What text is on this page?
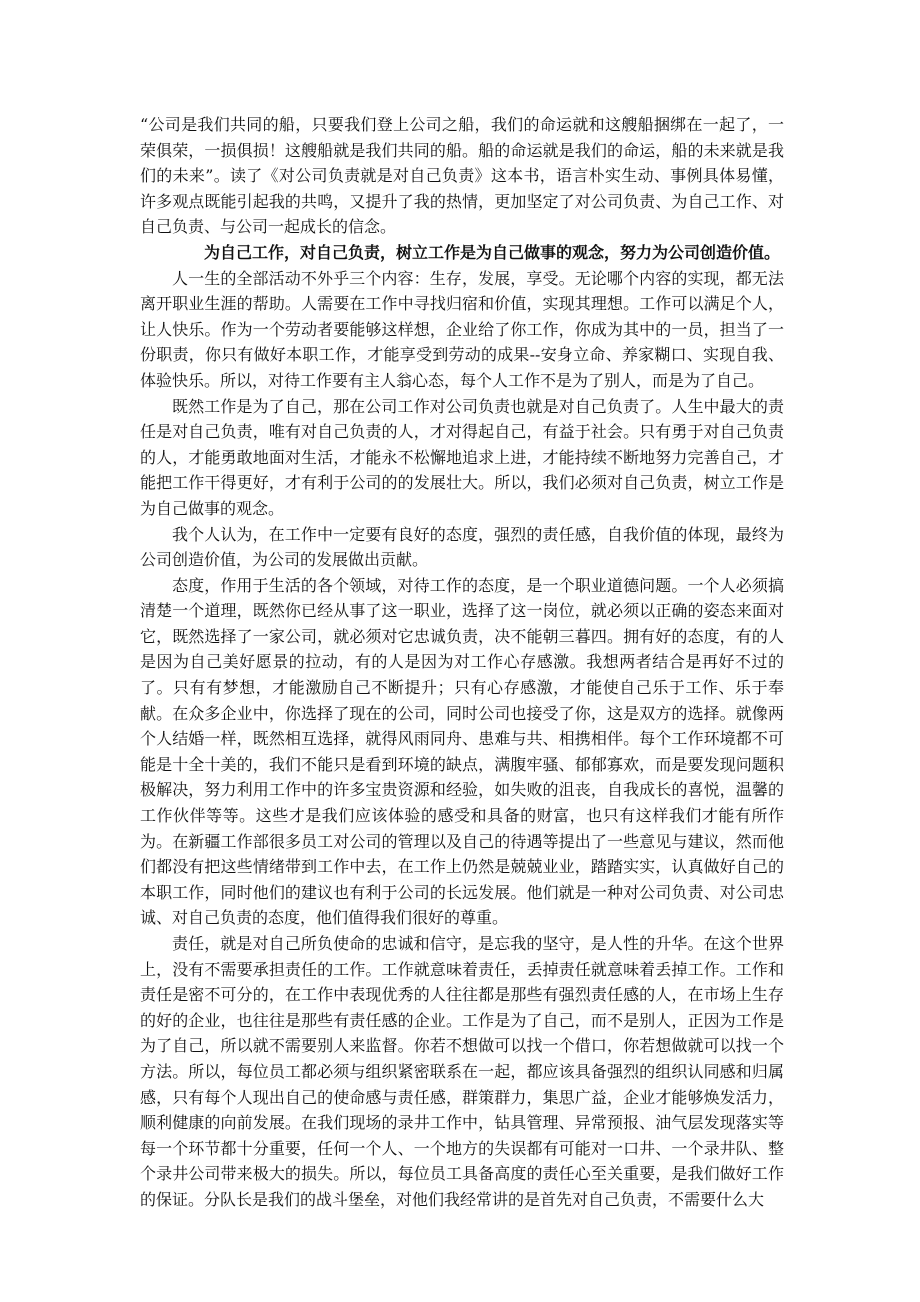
“公司是我们共同的船，只要我们登上公司之船，我们的命运就和这艘船捆绑在一起了，一荣俱荣，一损俱损！这艘船就是我们共同的船。船的命运就是我们的命运，船的未来就是我们的未来”。读了《对公司负责就是对自己负责》这本书，语言朴实生动、事例具体易懂，许多观点既能引起我的共鸣，又提升了我的热情，更加坚定了对公司负责、为自己工作、对自己负责、与公司一起成长的信念。

为自己工作，对自己负责，树立工作是为自己做事的观念，努力为公司创造价值。

人一生的全部活动不外乎三个内容：生存，发展，享受。无论哪个内容的实现，都无法离开职业生涯的帮助。人需要在工作中寻找归宿和价值，实现其理想。工作可以满足个人，让人快乐。作为一个劳动者要能够这样想，企业给了你工作，你成为其中的一员，担当了一份职责，你只有做好本职工作，才能享受到劳动的成果--安身立命、养家糊口、实现自我、体验快乐。所以，对待工作要有主人翁心态，每个人工作不是为了别人，而是为了自己。

既然工作是为了自己，那在公司工作对公司负责也就是对自己负责了。人生中最大的责任是对自己负责，唯有对自己负责的人，才对得起自己，有益于社会。只有勇于对自己负责的人，才能勇敢地面对生活，才能永不松懈地追求上进，才能持续不断地努力完善自己，才能把工作干得更好，才有利于公司的的发展壮大。所以，我们必须对自己负责，树立工作是为自己做事的观念。

我个人认为，在工作中一定要有良好的态度，强烈的责任感，自我价值的体现，最终为公司创造价值，为公司的发展做出贡献。

态度，作用于生活的各个领域，对待工作的态度，是一个职业道德问题。一个人必须搞清楚一个道理，既然你已经从事了这一职业，选择了这一岗位，就必须以正确的姿态来面对它，既然选择了一家公司，就必须对它忠诚负责，决不能朝三暮四。拥有好的态度，有的人是因为自己美好愿景的拉动，有的人是因为对工作心存感激。我想两者结合是再好不过的了。只有有梦想，才能激励自己不断提升；只有心存感激，才能使自己乐于工作、乐于奉献。在众多企业中，你选择了现在的公司，同时公司也接受了你，这是双方的选择。就像两个人结婚一样，既然相互选择，就得风雨同舟、患难与共、相携相伴。每个工作环境都不可能是十全十美的，我们不能只是看到环境的缺点，满腹牢骚、郁郁寡欢，而是要发现问题积极解决，努力利用工作中的许多宝贵资源和经验，如失败的沮丧，自我成长的喜悦，温馨的工作伙伴等等。这些才是我们应该体验的感受和具备的财富，也只有这样我们才能有所作为。在新疆工作部很多员工对公司的管理以及自己的待遇等提出了一些意见与建议，然而他们都没有把这些情绪带到工作中去，在工作上仍然是兢兢业业，踏踏实实，认真做好自己的本职工作，同时他们的建议也有利于公司的长远发展。他们就是一种对公司负责、对公司忠诚、对自己负责的态度，他们值得我们很好的尊重。

责任，就是对自己所负使命的忠诚和信守，是忘我的坚守，是人性的升华。在这个世界上，没有不需要承担责任的工作。工作就意味着责任，丢掉责任就意味着丢掉工作。工作和责任是密不可分的，在工作中表现优秀的人往往都是那些有强烈责任感的人，在市场上生存的好的企业，也往往是那些有责任感的企业。工作是为了自己，而不是别人，正因为工作是为了自己，所以就不需要别人来监督。你若不想做可以找一个借口，你若想做就可以找一个方法。所以，每位员工都必须与组织紧密联系在一起，都应该具备强烈的组织认同感和归属感，只有每个人现出自己的使命感与责任感，群策群力，集思广益，企业才能够焕发活力，顺利健康的向前发展。在我们现场的录井工作中，钻具管理、异常预报、油气层发现落实等每一个环节都十分重要，任何一个人、一个地方的失误都有可能对一口井、一个录井队、整个录井公司带来极大的损失。所以，每位员工具备高度的责任心至关重要，是我们做好工作的保证。分队长是我们的战斗堡垒，对他们我经常讲的是首先对自己负责，不需要什么大
